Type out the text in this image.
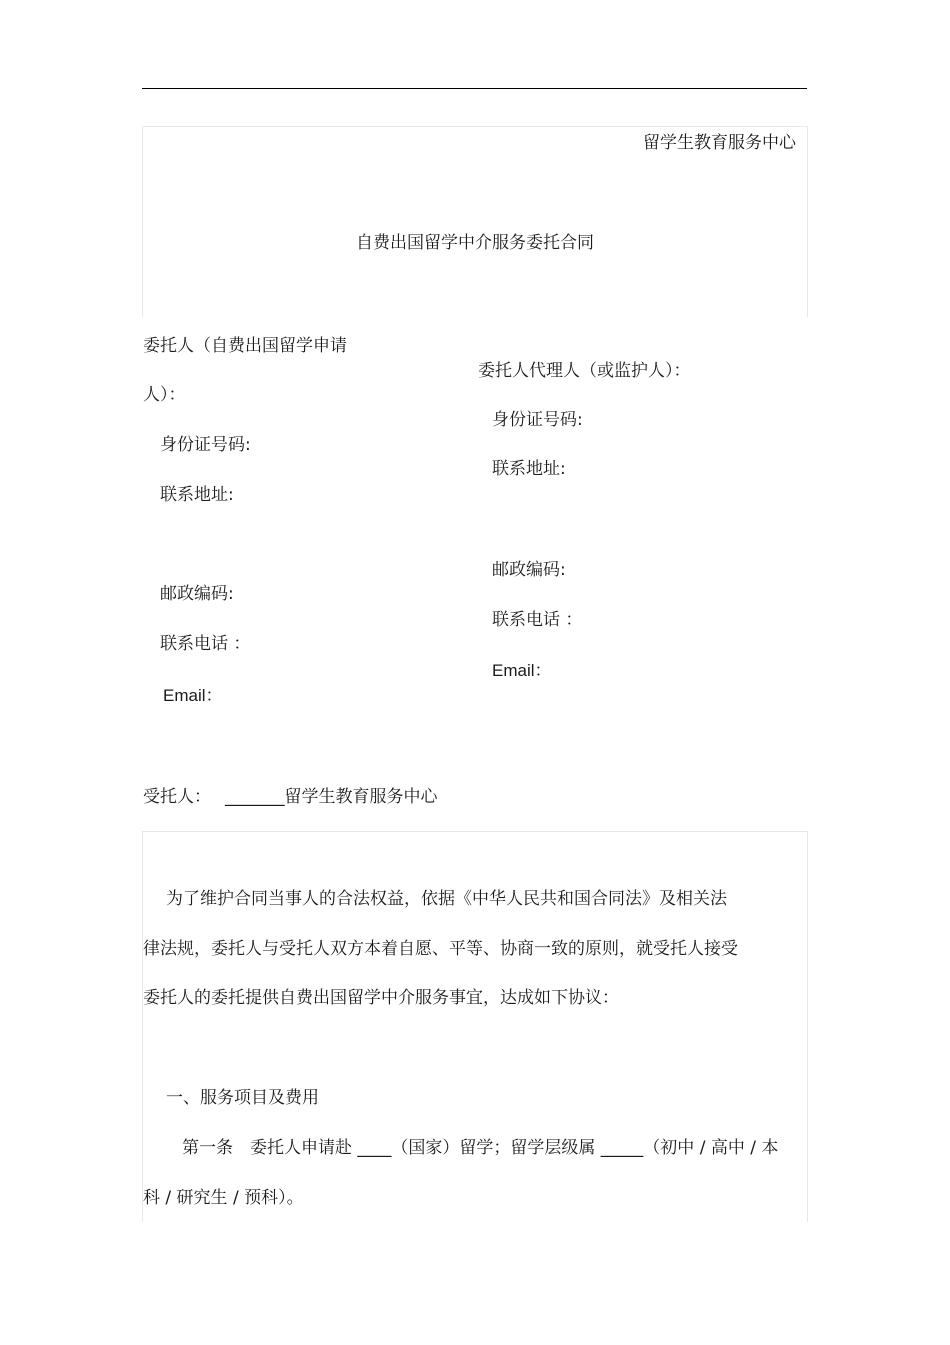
留学生教育服务中心
自费出国留学中介服务委托合同
委托人（自费出国留学申请
人）：
身份证号码:
联系地址:
邮政编码:
联系电话 ：
Email：
委托人代理人（或监护人）：
身份证号码:
联系地址:
邮政编码:
联系电话 ：
Email：
受托人： _______留学生教育服务中心
为了维护合同当事人的合法权益，依据《中华人民共和国合同法》及相关法
律法规，委托人与受托人双方本着自愿、平等、协商一致的原则，就受托人接受
委托人的委托提供自费出国留学中介服务事宜，达成如下协议：
一、服务项目及费用
第一条　委托人申请赴 ____（国家）留学；留学层级属 _____（初中 / 高中 / 本
科 / 研究生 / 预科）。
